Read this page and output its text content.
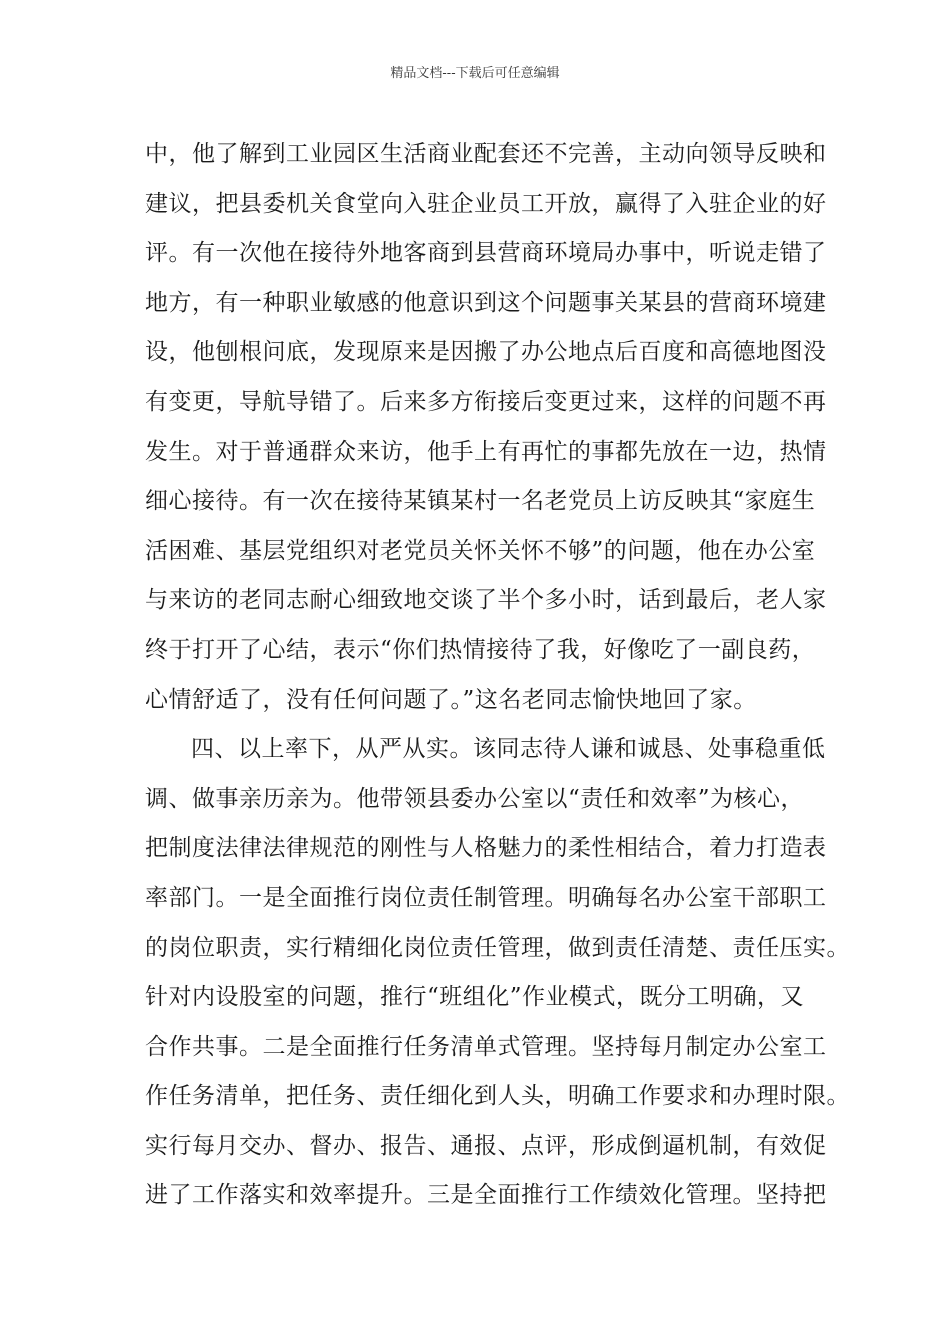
精品文档---下载后可任意编辑
中，他了解到工业园区生活商业配套还不完善，主动向领导反映和
建议，把县委机关食堂向入驻企业员工开放，赢得了入驻企业的好
评。有一次他在接待外地客商到县营商环境局办事中，听说走错了
地方，有一种职业敏感的他意识到这个问题事关某县的营商环境建
设，他刨根问底，发现原来是因搬了办公地点后百度和高德地图没
有变更，导航导错了。后来多方衔接后变更过来，这样的问题不再
发生。对于普通群众来访，他手上有再忙的事都先放在一边，热情
细心接待。有一次在接待某镇某村一名老党员上访反映其“家庭生
活困难、基层党组织对老党员关怀关怀不够”的问题，他在办公室
与来访的老同志耐心细致地交谈了半个多小时，话到最后，老人家
终于打开了心结，表示“你们热情接待了我，好像吃了一副良药，
心情舒适了，没有任何问题了。”这名老同志愉快地回了家。
四、以上率下，从严从实。该同志待人谦和诚恳、处事稳重低
调、做事亲历亲为。他带领县委办公室以“责任和效率”为核心，
把制度法律法律规范的刚性与人格魅力的柔性相结合，着力打造表
率部门。一是全面推行岗位责任制管理。明确每名办公室干部职工
的岗位职责，实行精细化岗位责任管理，做到责任清楚、责任压实。
针对内设股室的问题，推行“班组化”作业模式，既分工明确，又
合作共事。二是全面推行任务清单式管理。坚持每月制定办公室工
作任务清单，把任务、责任细化到人头，明确工作要求和办理时限。
实行每月交办、督办、报告、通报、点评，形成倒逼机制，有效促
进了工作落实和效率提升。三是全面推行工作绩效化管理。坚持把
